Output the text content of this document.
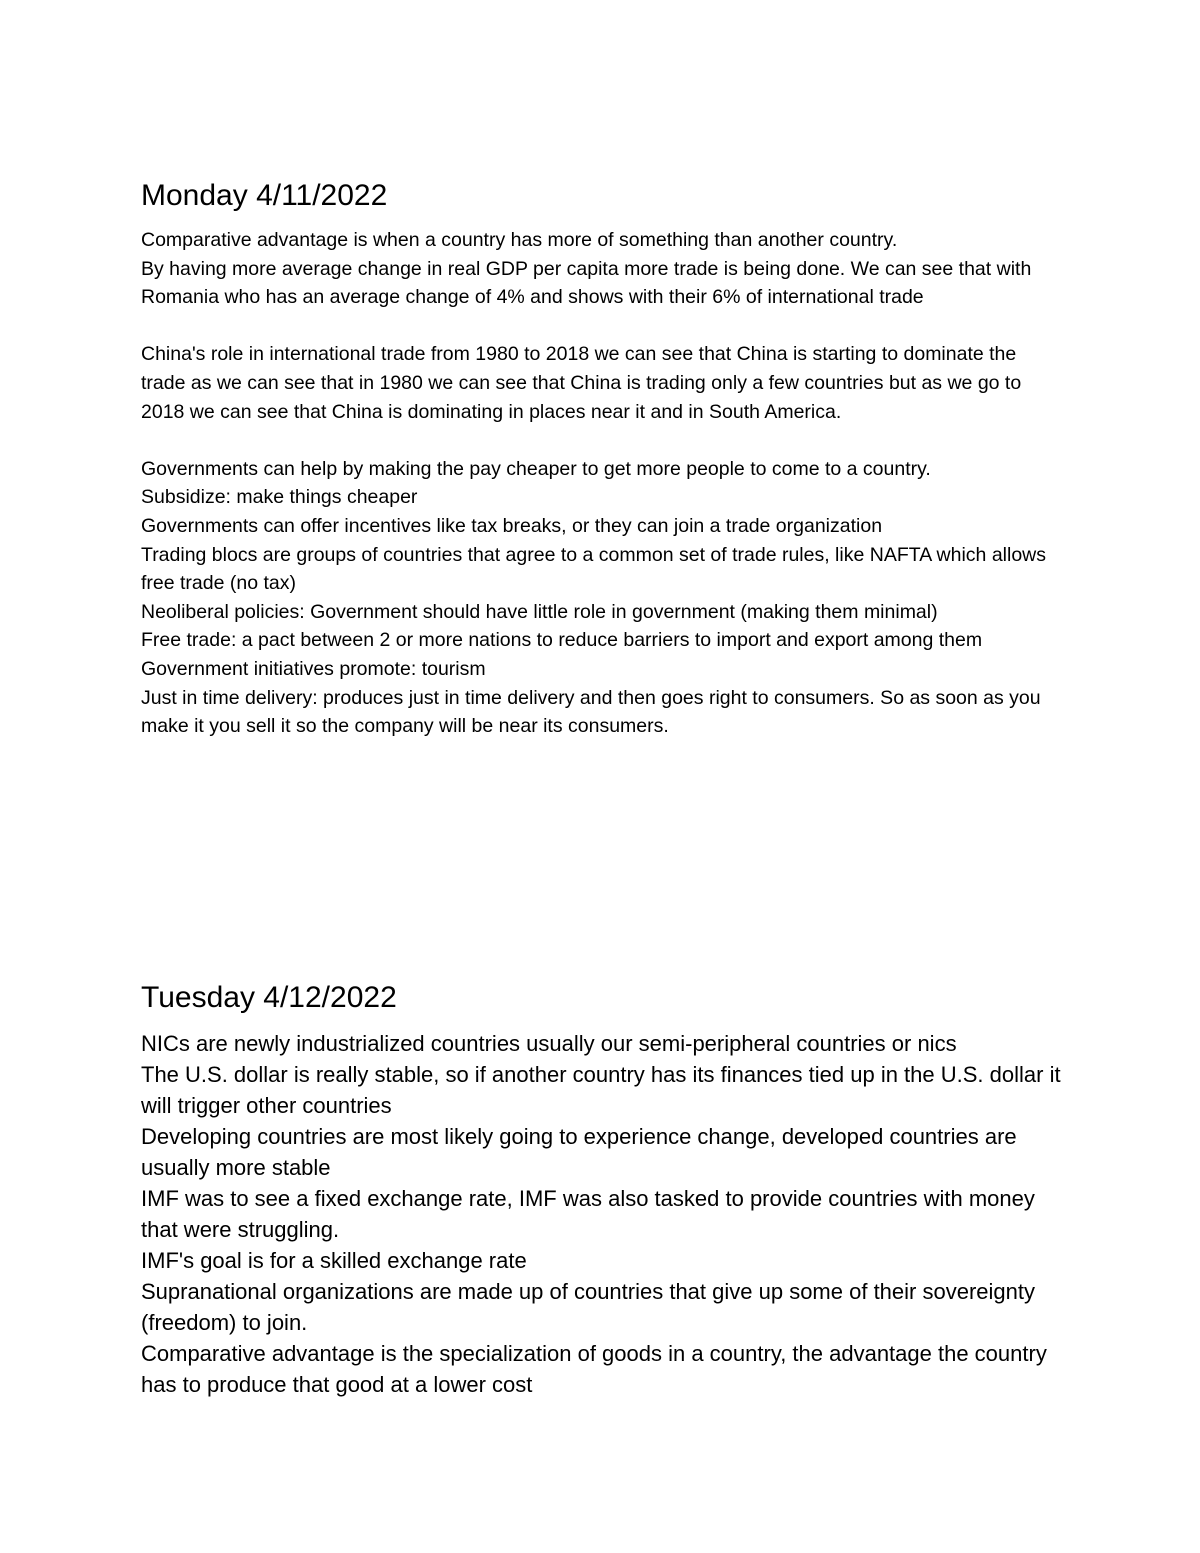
Monday 4/11/2022

Comparative advantage is when a country has more of something than another country.

By having more average change in real GDP per capita more trade is being done. We can see that with Romania who has an average change of 4% and shows with their 6% of international trade

China's role in international trade from 1980 to 2018 we can see that China is starting to dominate the trade as we can see that in 1980 we can see that China is trading only a few countries but as we go to 2018 we can see that China is dominating in places near it and in South America.

Governments can help by making the pay cheaper to get more people to come to a country.

Subsidize: make things cheaper

Governments can offer incentives like tax breaks, or they can join a trade organization

Trading blocs are groups of countries that agree to a common set of trade rules, like NAFTA which allows free trade (no tax)

Neoliberal policies: Government should have little role in government (making them minimal)

Free trade: a pact between 2 or more nations to reduce barriers to import and export among them

Government initiatives promote: tourism

Just in time delivery: produces just in time delivery and then goes right to consumers. So as soon as you make it you sell it so the company will be near its consumers.

Tuesday 4/12/2022

NICs are newly industrialized countries usually our semi-peripheral countries or nics

The U.S. dollar is really stable, so if another country has its finances tied up in the U.S. dollar it will trigger other countries

Developing countries are most likely going to experience change, developed countries are usually more stable

IMF was to see a fixed exchange rate, IMF was also tasked to provide countries with money that were struggling.

IMF's goal is for a skilled exchange rate

Supranational organizations are made up of countries that give up some of their sovereignty (freedom) to join.

Comparative advantage is the specialization of goods in a country, the advantage the country has to produce that good at a lower cost
